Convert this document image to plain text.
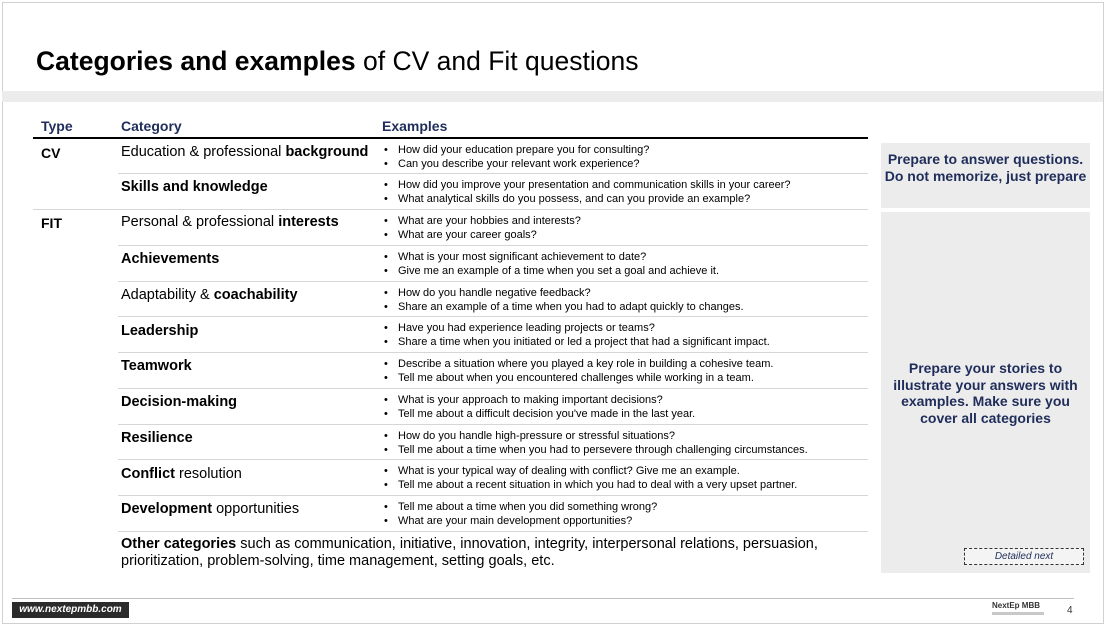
Categories and examples of CV and Fit questions
Type	Category	Examples
CV	Education & professional background	• How did your education prepare you for consulting?
• Can you describe your relevant work experience?
Skills and knowledge	• How did you improve your presentation and communication skills in your career?
• What analytical skills do you possess, and can you provide an example?
FIT	Personal & professional interests	• What are your hobbies and interests?
• What are your career goals?
Achievements	• What is your most significant achievement to date?
• Give me an example of a time when you set a goal and achieve it.
Adaptability & coachability	• How do you handle negative feedback?
• Share an example of a time when you had to adapt quickly to changes.
Leadership	• Have you had experience leading projects or teams?
• Share a time when you initiated or led a project that had a significant impact.
Teamwork	• Describe a situation where you played a key role in building a cohesive team.
• Tell me about when you encountered challenges while working in a team.
Decision-making	• What is your approach to making important decisions?
• Tell me about a difficult decision you've made in the last year.
Resilience	• How do you handle high-pressure or stressful situations?
• Tell me about a time when you had to persevere through challenging circumstances.
Conflict resolution	• What is your typical way of dealing with conflict? Give me an example.
• Tell me about a recent situation in which you had to deal with a very upset partner.
Development opportunities	• Tell me about a time when you did something wrong?
• What are your main development opportunities?
Other categories such as communication, initiative, innovation, integrity, interpersonal relations, persuasion, prioritization, problem-solving, time management, setting goals, etc.
Prepare to answer questions. Do not memorize, just prepare
Prepare your stories to illustrate your answers with examples. Make sure you cover all categories
Detailed next
www.nextepmbb.com	NextEp MBB	4
